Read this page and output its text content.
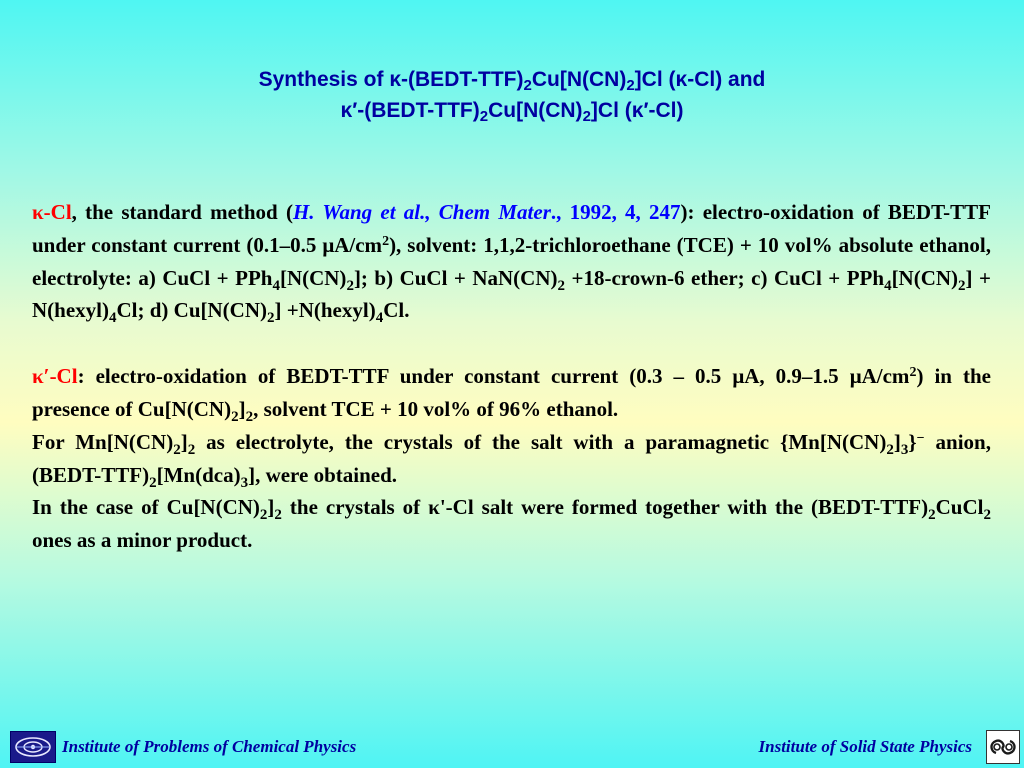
Synthesis of $\kappa-(BEDT-TTF)_2Cu[N(CN)_2]Cl$ (κ-Cl) and
$\kappa'-(BEDT-TTF)_2Cu[N(CN)_2]Cl$ (κ′-Cl)

κ-Cl, the standard method (H. Wang et al., Chem Mater., 1992, 4, 247): electro-oxidation of BEDT-TTF under constant current (0.1–0.5 $\mu A/cm^2$), solvent: 1,1,2-trichloroethane (TCE) + 10 vol% absolute ethanol, electrolyte: a) CuCl + $PPh_4[N(CN)_2]$; b) CuCl + $NaN(CN)_2$ +18-crown-6 ether; c) CuCl + $PPh_4[N(CN)_2]$ + $N(hexyl)_4Cl$; d) $Cu[N(CN)_2]$ $+N(hexyl)_4Cl$.

κ′-Cl: electro-oxidation of BEDT-TTF under constant current (0.3 – 0.5 μA, 0.9–1.5 $\mu A/cm^2$) in the presence of $Cu[N(CN)_2]_2$, solvent TCE + 10 vol% of 96% ethanol.

For $Mn[N(CN)_2]_2$ as electrolyte, the crystals of the salt with a paramagnetic $\{Mn[N(CN)_2]_3\}^-$ anion, $(BEDT-TTF)_2[Mn(dca)_3]$, were obtained.

In the case of $Cu[N(CN)_2]_2$ the crystals of κ'-Cl salt were formed together with the $(BEDT-TTF)_2CuCl_2$ ones as a minor product.

Institute of Problems of Chemical Physics	Institute of Solid State Physics
